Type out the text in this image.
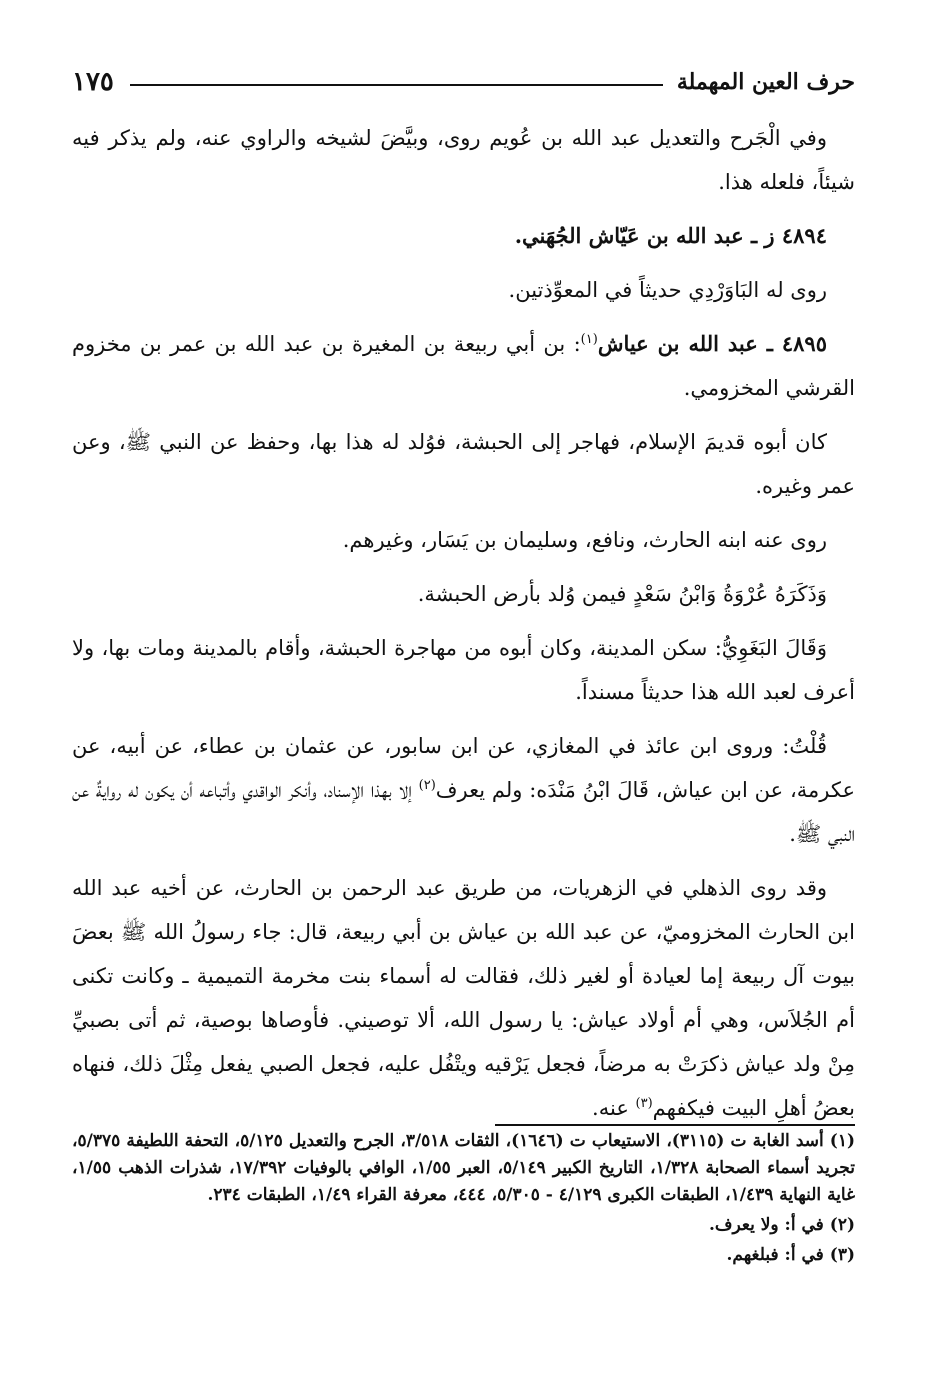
حرف العين المهملة
١٧٥

وفي الْجَرح والتعديل عبد الله بن عُويم روى، وبيَّضَ لشيخه والراوي عنه، ولم يذكر فيه شيئاً، فلعله هذا.

٤٨٩٤ ز ـ عبد الله بن عَيّاش الجُهَني.

روى له البَاوَرْدِي حديثاً في المعوِّذتين.

٤٨٩٥ ـ عبد الله بن عياش$^{(١)}$: بن أبي ربيعة بن المغيرة بن عبد الله بن عمر بن مخزوم القرشي المخزومي.

كان أبوه قديمَ الإسلام، فهاجر إلى الحبشة، فوُلد له هذا بها، وحفظ عن النبي ﷺ، وعن عمر وغيره.

روى عنه ابنه الحارث، ونافع، وسليمان بن يَسَار، وغيرهم.

وَذَكَرَهُ عُرْوَةُ وَابْنُ سَعْدٍ فيمن وُلد بأرض الحبشة.

وَقَالَ البَغَوِيُّ: سكن المدينة، وكان أبوه من مهاجرة الحبشة، وأقام بالمدينة ومات بها، ولا أعرف لعبد الله هذا حديثاً مسنداً.

قُلْتُ: وروى ابن عائذ في المغازي، عن ابن سابور، عن عثمان بن عطاء، عن أبيه، عن عكرمة، عن ابن عياش، قَالَ ابْنُ مَنْدَه: ولم يعرف$^{(٢)}$ إلا بهذا الإسناد، وأنكر الواقدي وأتباعه أن يكون له روايةٌ عن النبي ﷺ.

وقد روى الذهلي في الزهريات، من طريق عبد الرحمن بن الحارث، عن أخيه عبد الله ابن الحارث المخزوميّ، عن عبد الله بن عياش بن أبي ربيعة، قال: جاء رسولُ الله ﷺ بعضَ بيوت آل ربيعة إما لعيادة أو لغير ذلك، فقالت له أسماء بنت مخرمة التميمية ـ وكانت تكنى أم الجُلاَس، وهي أم أولاد عياش: يا رسول الله، ألا توصيني. فأوصاها بوصية، ثم أتى بصبيِّ مِنْ ولد عياش ذكرَتْ به مرضاً، فجعل يَرْقيه ويتْفُل عليه، فجعل الصبي يفعل مِثْلَ ذلك، فنهاه بعضُ أهلِ البيت فيكفهم$^{(٣)}$ عنه.

(١)أسد الغابة ت (٣١١٥)، الاستيعاب ت (١٦٤٦)، الثقات ٣/٥١٨، الجرح والتعديل ٥/١٢٥، التحفة اللطيفة ٥/٣٧٥، تجريد أسماء الصحابة ١/٣٢٨، التاريخ الكبير ٥/١٤٩، العبر ١/٥٥، الوافي بالوفيات ١٧/٣٩٢، شذرات الذهب ١/٥٥، غاية النهاية ١/٤٣٩، الطبقات الكبرى ٤/١٢٩ - ٥/٣٠٥، ٤٤٤، معرفة القراء ١/٤٩، الطبقات ٢٣٤.

(٢)في أ: ولا يعرف.

(٣)في أ: فبلغهم.
